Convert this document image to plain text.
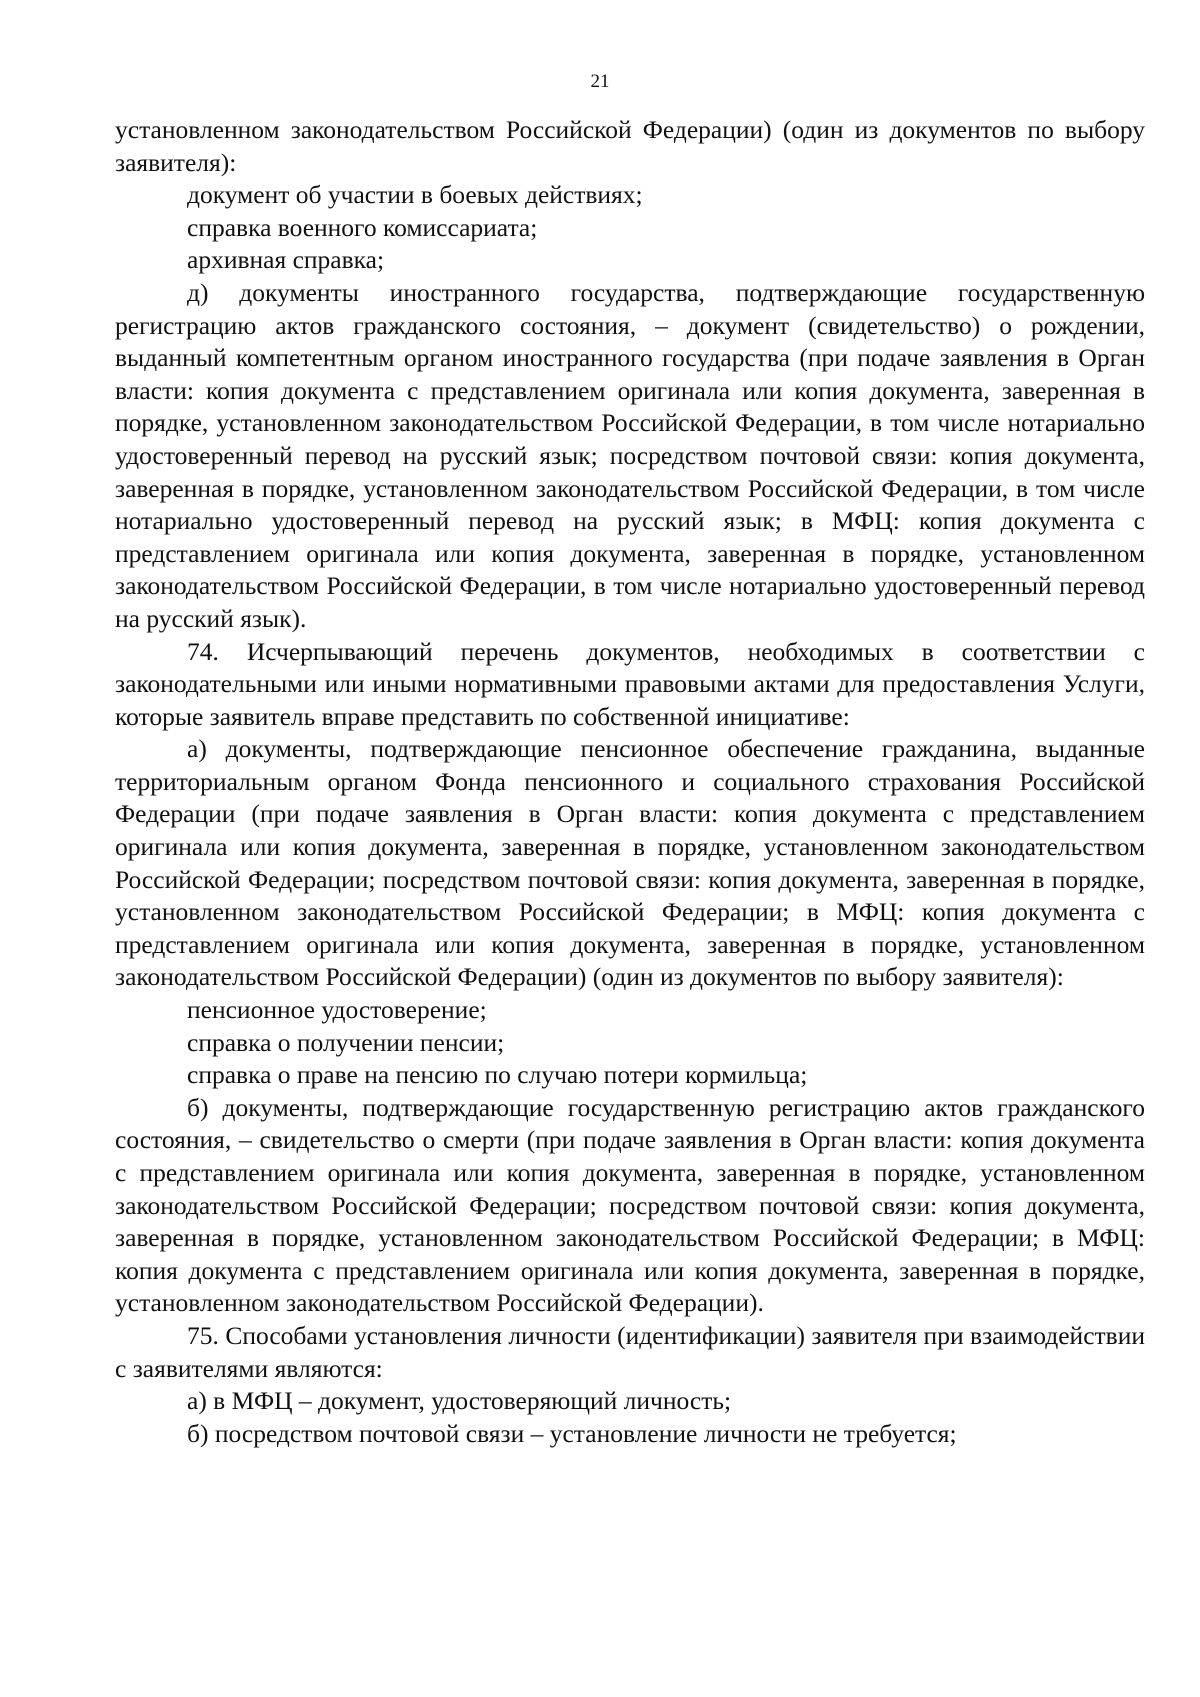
21

установленном законодательством Российской Федерации) (один из документов по выбору заявителя):

документ об участии в боевых действиях;

справка военного комиссариата;

архивная справка;

д) документы иностранного государства, подтверждающие государственную регистрацию актов гражданского состояния, – документ (свидетельство) о рождении, выданный компетентным органом иностранного государства (при подаче заявления в Орган власти: копия документа с представлением оригинала или копия документа, заверенная в порядке, установленном законодательством Российской Федерации, в том числе нотариально удостоверенный перевод на русский язык; посредством почтовой связи: копия документа, заверенная в порядке, установленном законодательством Российской Федерации, в том числе нотариально удостоверенный перевод на русский язык; в МФЦ: копия документа с представлением оригинала или копия документа, заверенная в порядке, установленном законодательством Российской Федерации, в том числе нотариально удостоверенный перевод на русский язык).

74. Исчерпывающий перечень документов, необходимых в соответствии с законодательными или иными нормативными правовыми актами для предоставления Услуги, которые заявитель вправе представить по собственной инициативе:

а) документы, подтверждающие пенсионное обеспечение гражданина, выданные территориальным органом Фонда пенсионного и социального страхования Российской Федерации (при подаче заявления в Орган власти: копия документа с представлением оригинала или копия документа, заверенная в порядке, установленном законодательством Российской Федерации; посредством почтовой связи: копия документа, заверенная в порядке, установленном законодательством Российской Федерации; в МФЦ: копия документа с представлением оригинала или копия документа, заверенная в порядке, установленном законодательством Российской Федерации) (один из документов по выбору заявителя):

пенсионное удостоверение;

справка о получении пенсии;

справка о праве на пенсию по случаю потери кормильца;

б) документы, подтверждающие государственную регистрацию актов гражданского состояния, – свидетельство о смерти (при подаче заявления в Орган власти: копия документа с представлением оригинала или копия документа, заверенная в порядке, установленном законодательством Российской Федерации; посредством почтовой связи: копия документа, заверенная в порядке, установленном законодательством Российской Федерации; в МФЦ: копия документа с представлением оригинала или копия документа, заверенная в порядке, установленном законодательством Российской Федерации).

75. Способами установления личности (идентификации) заявителя при взаимодействии с заявителями являются:

а) в МФЦ – документ, удостоверяющий личность;

б) посредством почтовой связи – установление личности не требуется;
